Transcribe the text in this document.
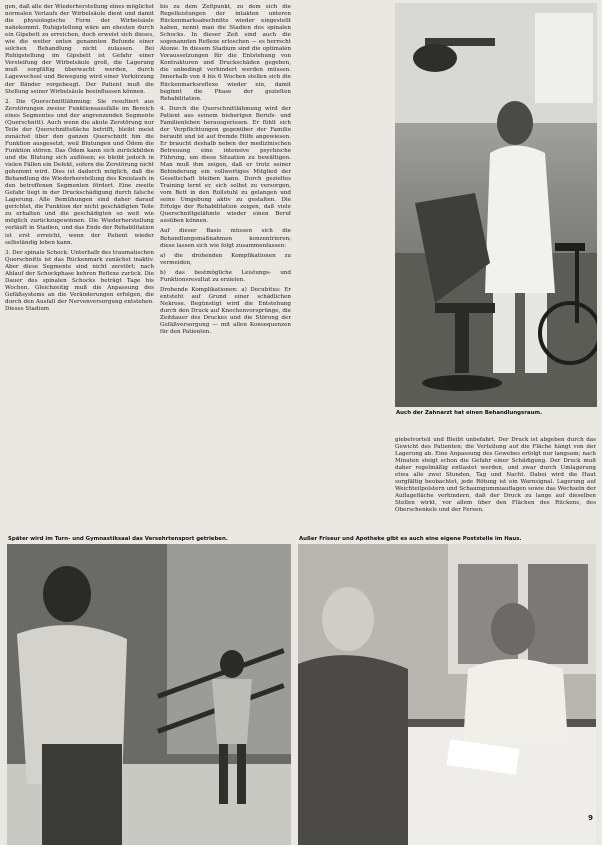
gen, daß alle der Wiederherstellung eines möglichst normalen Verlaufs der Wirbelsäule dient und damit die physiologische Form der Wirbelsäule nahekommt. Ruhigstellung wäre am ehesten durch ein Gipsbett zu erreichen, doch erweist sich dieses, wie die weiter unten genannten Befunde einer solchen Behandlung nicht zulassen. Bei Ruhigstellung im Gipsbett ist Gefahr einer Versteifung der Wirbelsäule groß, die Lagerung muß sorgfältig überwacht werden, durch Lagewechsel und Bewegung wird einer Verkürzung der Bänder vorgebeugt. Der Patient muß die Stellung seiner Wirbelsäule beeinflussen können.

2. Die Querschnittlähmung: Sie resultiert aus Zerstörungen zweier Funktionsausfälle im Bereich eines Segmentes und der angrenzenden Segmente (Querschnitt). Auch wenn die akute Zerstörung nur Teile der Querschnittsfläche betrifft, bleibt meist zunächst über den ganzen Querschnitt hin die Funktion ausgesetzt, weil Blutungen und Ödem die Funktion stören. Das Ödem kann sich zurückbilden und die Blutung sich auflösen; es bleibt jedoch in vielen Fällen ein Defekt, sofern die Zerstörung nicht gehemmt wird. Dies ist dadurch möglich, daß die Behandlung die Wiederherstellung des Kreislaufs in den betroffenen Segmenten fördert. Eine zweite Gefahr liegt in der Druckschädigung durch falsche Lagerung. Alle Bemühungen sind daher darauf gerichtet, die Funktion der nicht geschädigten Teile zu erhalten und die geschädigten so weit wie möglich zurückzugewinnen. Die Wiederherstellung verläuft in Stadien, und das Ende der Rehabilitation ist erst erreicht, wenn der Patient wieder selbständig leben kann.

3. Der spinale Schock: Unterhalb des traumatischen Querschnitts ist das Rückenmark zunächst inaktiv. Aber diese Segmente sind nicht zerstört; nach Ablauf der Schockphase kehren Reflexe zurück. Die Dauer des spinalen Schocks beträgt Tage bis Wochen. Gleichzeitig muß die Anpassung des Gefäßsystems an die Veränderungen erfolgen, die durch den Ausfall der Nervenversorgung entstehen. Dieses Stadium

bis zu dem Zeitpunkt, zu dem sich die Regelleistungen der intakten unteren Rückenmarksabschnitte wieder eingestellt haben, nennt man die Stadien des spinalen Schocks. In dieser Zeit sind auch die sogenannten Reflexe erloschen — es herrscht Atonie. In diesem Stadium sind die optimalen Voraussetzungen für die Entstehung von Kontrakturen und Druckschäden gegeben, die unbedingt verhindert werden müssen. Innerhalb von 4 bis 6 Wochen stellen sich die Rückenmarksreflexe wieder ein, damit beginnt die Phase der gezielten Rehabilitation.

4. Durch die Querschnittlähmung wird der Patient aus seinem bisherigen Berufs- und Familienleben herausgerissen. Er fühlt sich der Verpflichtungen gegenüber der Familie beraubt und ist auf fremde Hilfe angewiesen. Er braucht deshalb neben der medizinischen Betreuung eine intensive psychische Führung, um diese Situation zu bewältigen. Man muß ihm zeigen, daß er trotz seiner Behinderung ein vollwertiges Mitglied der Gesellschaft bleiben kann. Durch gezieltes Training lernt er, sich selbst zu versorgen, vom Bett in den Rollstuhl zu gelangen und seine Umgebung aktiv zu gestalten. Die Erfolge der Rehabilitation zeigen, daß viele Querschnittgelähmte wieder einen Beruf ausüben können.

Auf dieser Basis müssen sich die Behandlungsmaßnahmen konzentrieren; diese lassen sich wie folgt zusammenfassen:

a) die drohenden Komplikationen zu vermeiden,

b) das bestmögliche Leistungs- und Funktionsresultat zu erzielen.

Drohende Komplikationen: a) Decubitus: Er entsteht auf Grund einer schädlichen Nekrose. Begünstigt wird die Entstehung durch den Druck auf Knochenvorsprünge, die Zeitdauer des Druckes und die Störung der Gefäßversorgung — mit allen Konsequenzen für den Patienten.

giebelvorteil und Bleibt unbefahrt. Der Druck ist abgeben durch das Gewicht des Patienten; die Verteilung auf die Fläche hängt von der Lagerung ab. Eine Anpassung des Gewebes erfolgt nur langsam; nach Minuten steigt schon die Gefahr einer Schädigung. Der Druck muß daher regelmäßig entlastet werden, und zwar durch Umlagerung etwa alle zwei Stunden, Tag und Nacht. Dabei wird die Haut sorgfältig beobachtet, jede Rötung ist ein Warnsignal. Lagerung auf Weichteilpolstern und Schaumgummiauflagen sowie das Wechseln der Auflagefläche verhindern, daß der Druck zu lange auf dieselben Stellen wirkt, vor allem über den Flächen des Rückens, des Oberschenkels und der Fersen.

Auch der Zahnarzt hat einen Behandlungsraum.
Später wird im Turn- und Gymnastiksaal das Versehrtensport getrieben.	Außer Friseur und Apotheke gibt es auch eine eigene Poststelle im Haus.
9
